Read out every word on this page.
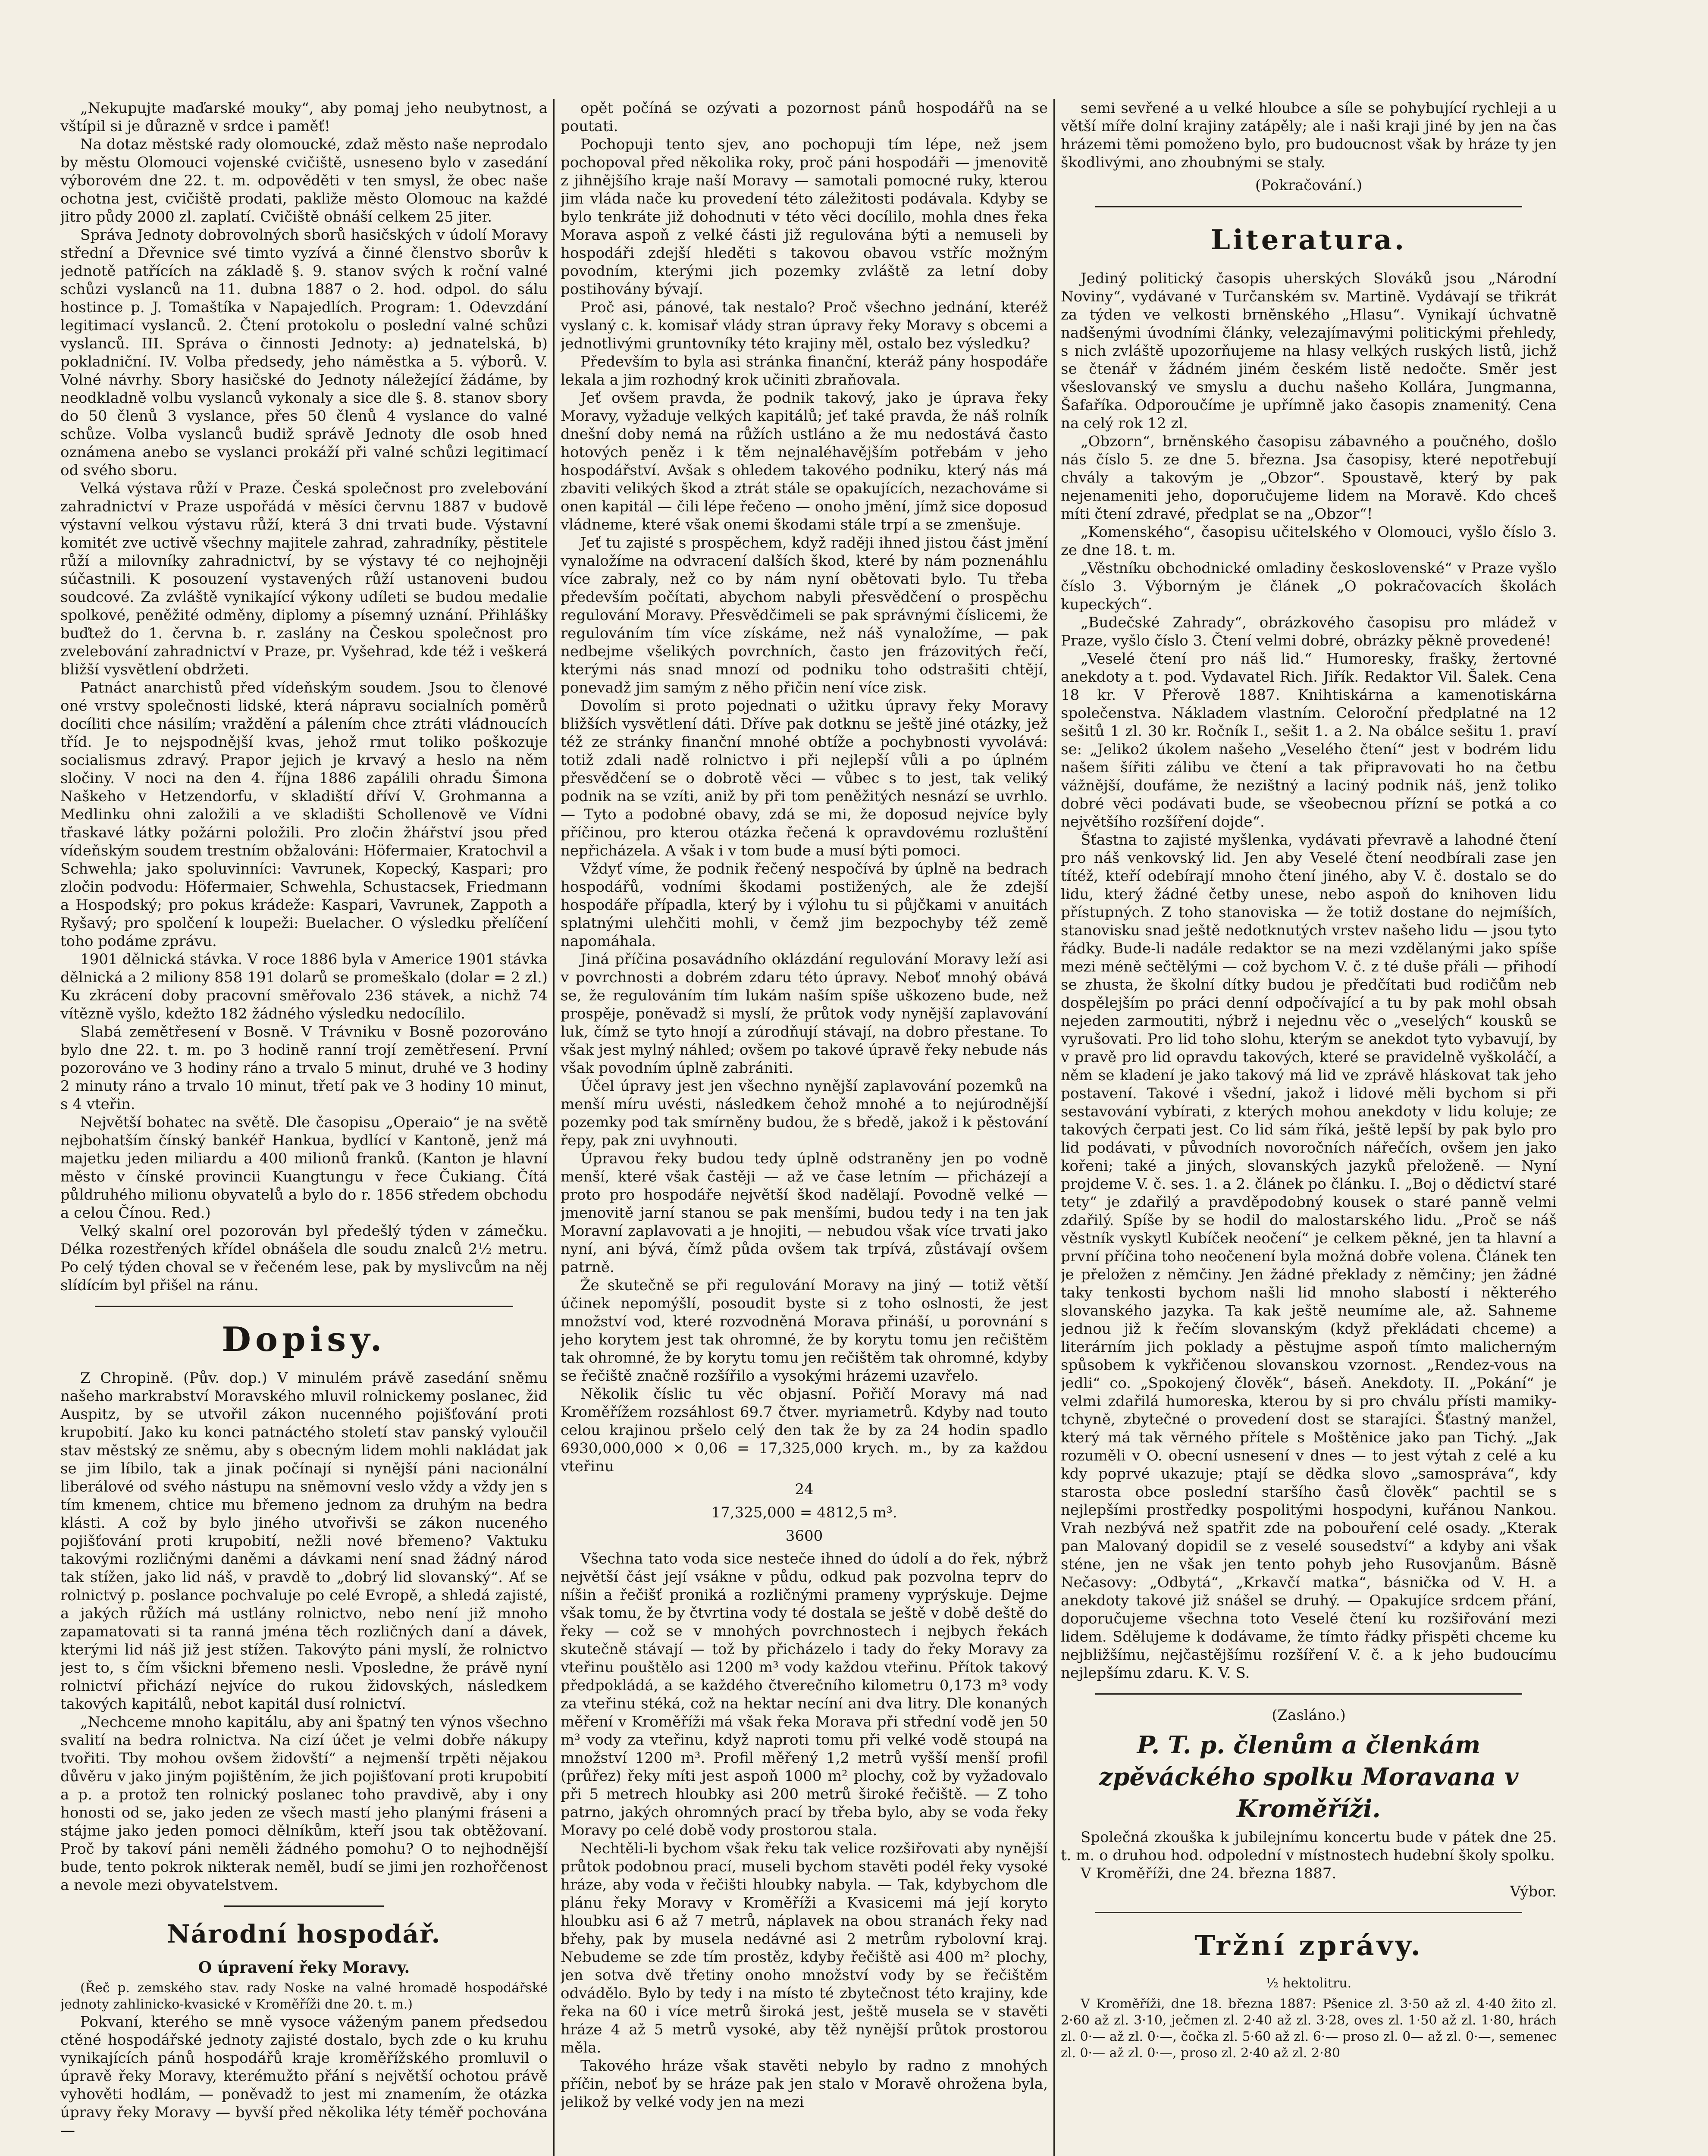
„Nekupujte maďarské mouky“, aby pomaj jeho neubytnost, a vštípil si je důrazně v srdce i paměť!

Na dotaz městské rady olomoucké, zdaž město naše neprodalo by městu Olomouci vojenské cvičiště, usneseno bylo v zasedání výborovém dne 22. t. m. odpověděti v ten smysl, že obec naše ochotna jest, cvičiště prodati, pakliže město Olomouc na každé jitro půdy 2000 zl. zaplatí. Cvičiště obnáší celkem 25 jiter.

Správa Jednoty dobrovolných sborů hasičských v údolí Moravy střední a Dřevnice své timto vyzívá a činné členstvo sborův k jednotě patřících na základě §. 9. stanov svých k roční valné schůzi vyslanců na 11. dubna 1887 o 2. hod. odpol. do sálu hostince p. J. Tomaštíka v Napajedlích. Program: 1. Odevzdání legitimací vyslanců. 2. Čtení protokolu o poslední valné schůzi vyslanců. III. Správa o činnosti Jednoty: a) jednatelská, b) pokladniční. IV. Volba předsedy, jeho náměstka a 5. výborů. V. Volné návrhy. Sbory hasičské do Jednoty náležející žádáme, by neodkladně volbu vyslanců vykonaly a sice dle §. 8. stanov sbory do 50 členů 3 vyslance, přes 50 členů 4 vyslance do valné schůze. Volba vyslanců budiž správě Jednoty dle osob hned oznámena anebo se vyslanci prokáží při valné schůzi legitimací od svého sboru.

Velká výstava růží v Praze. Česká společnost pro zvelebování zahradnictví v Praze uspořádá v měsíci červnu 1887 v budově výstavní velkou výstavu růží, která 3 dni trvati bude. Výstavní komitét zve uctivě všechny majitele zahrad, zahradníky, pěstitele růží a milovníky zahradnictví, by se výstavy té co nejhojněji súčastnili. K posouzení vystavených růží ustanoveni budou soudcové. Za zvláště vynikající výkony udíleti se budou medalie spolkové, peněžité odměny, diplomy a písemný uznání. Přihlášky buďtež do 1. června b. r. zaslány na Českou společnost pro zvelebování zahradnictví v Praze, pr. Vyšehrad, kde též i veškerá bližší vysvětlení obdržeti.

Patnáct anarchistů před vídeňským soudem. Jsou to členové oné vrstvy společnosti lidské, která nápravu socialních poměrů docíliti chce násilím; vraždění a pálením chce ztráti vládnoucích tříd. Je to nejspodnější kvas, jehož rmut toliko poškozuje socialismus zdravý. Prapor jejich je krvavý a heslo na něm sločiny. V noci na den 4. října 1886 zapálili ohradu Šimona Naškeho v Hetzendorfu, v skladiští dříví V. Grohmanna a Medlinku ohni založili a ve skladišti Schollenově ve Vídni třaskavé látky požárni položili. Pro zločin žhářství jsou před vídeňským soudem trestním obžalováni: Höfermaier, Kratochvil a Schwehla; jako spoluvinníci: Vavrunek, Kopecký, Kaspari; pro zločin podvodu: Höfermaier, Schwehla, Schustacsek, Friedmann a Hospodský; pro pokus krádeže: Kaspari, Vavrunek, Zappoth a Ryšavý; pro spolčení k loupeži: Buelacher. O výsledku přelíčení toho podáme zprávu.

1901 dělnická stávka. V roce 1886 byla v Americe 1901 stávka dělnická a 2 miliony 858 191 dolarů se promeškalo (dolar = 2 zl.) Ku zkrácení doby pracovní směřovalo 236 stávek, a nichž 74 vítězně vyšlo, kdežto 182 žádného výsledku nedocílilo.

Slabá zemětřesení v Bosně. V Trávniku v Bosně pozorováno bylo dne 22. t. m. po 3 hodině ranní trojí zemětřesení. První pozorováno ve 3 hodiny ráno a trvalo 5 minut, druhé ve 3 hodiny 2 minuty ráno a trvalo 10 minut, třetí pak ve 3 hodiny 10 minut, s 4 vteřin.

Největší bohatec na světě. Dle časopisu „Operaio“ je na světě nejbohatším čínský bankéř Hankua, bydlící v Kantoně, jenž má majetku jeden miliardu a 400 milionů franků. (Kanton je hlavní město v čínské provincii Kuangtungu v řece Čukiang. Čítá půldruhého milionu obyvatelů a bylo do r. 1856 středem obchodu a celou Čínou. Red.)

Velký skalní orel pozorován byl předešlý týden v zámečku. Délka rozestřených křídel obnášela dle soudu znalců 2½ metru. Po celý týden choval se v řečeném lese, pak by myslivcům na něj slídícím byl přišel na ránu.

Dopisy.

Z Chropině. (Pův. dop.) V minulém právě zasedání sněmu našeho markrabství Moravského mluvil rolnickemy poslanec, žid Auspitz, by se utvořil zákon nucenného pojišťování proti krupobití. Jako ku konci patnáctého století stav panský vyloučil stav městský ze sněmu, aby s obecným lidem mohli nakládat jak se jim líbilo, tak a jinak počínají si nynější páni nacionální liberálové od svého nástupu na sněmovní veslo vždy a vždy jen s tím kmenem, chtice mu břemeno jednom za druhým na bedra klásti. A což by bylo jiného utvořivši se zákon nuceného pojišťování proti krupobití, nežli nové břemeno? Vaktuku takovými rozličnými daněmi a dávkami není snad žádný národ tak stížen, jako lid náš, v pravdě to „dobrý lid slovanský“. Ať se rolnictvý p. poslance pochvaluje po celé Evropě, a shledá zajisté, a jakých růžích má ustlány rolnictvo, nebo není již mnoho zapamatovati si ta ranná jména těch rozličných daní a dávek, kterými lid náš již jest stížen. Takovýto páni myslí, že rolnictvo jest to, s čím všickni břemeno nesli. Vposledne, že právě nyní rolnictví přichází nejvíce do rukou židovských, následkem takových kapitálů, nebot kapitál dusí rolnictví.

„Nechceme mnoho kapitálu, aby ani špatný ten výnos všechno svalití na bedra rolnictva. Na cizí účet je velmi dobře nákupy tvořiti. Tby mohou ovšem židovští“ a nejmenší trpěti nějakou důvěru v jako jiným pojištěním, že jich pojišťovaní proti krupobití a p. a protož ten rolnický poslanec toho pravdivě, aby i ony honosti od se, jako jeden ze všech mastí jeho planými fráseni a stájme jako jeden pomoci dělníkům, kteří jsou tak obtěžovaní. Proč by takoví páni neměli žádného pomohu? O to nejhodnější bude, tento pokrok nikterak neměl, budí se jimi jen rozhořčenost a nevole mezi obyvatelstvem.

Národní hospodář.
O úpravení řeky Moravy.

(Řeč p. zemského stav. rady Noske na valné hromadě hospodářské jednoty zahlinicko-kvasické v Kroměříži dne 20. t. m.)

Pokvaní, kterého se mně vysoce váženým panem předsedou ctěné hospodářské jednoty zajisté dostalo, bych zde o ku kruhu vynikajících pánů hospodářů kraje kroměřížského promluvil o úpravě řeky Moravy, kterémužto přání s největší ochotou právě vyhověti hodlám, — poněvadž to jest mi znamením, že otázka úpravy řeky Moravy — byvší před několika léty téměř pochována —

opět počíná se ozývati a pozornost pánů hospodářů na se poutati.

Pochopuji tento sjev, ano pochopuji tím lépe, než jsem pochopoval před několika roky, proč páni hospodáři — jmenovitě z jihnějšího kraje naší Moravy — samotali pomocné ruky, kterou jim vláda nače ku provedení této záležitosti podávala. Kdyby se bylo tenkráte již dohodnuti v této věci docílilo, mohla dnes řeka Morava aspoň z velké části již regulována býti a nemuseli by hospodáři zdejší hleděti s takovou obavou vstříc možným povodním, kterými jich pozemky zvláště za letní doby postihovány bývají.

Proč asi, pánové, tak nestalo? Proč všechno jednání, kteréž vyslaný c. k. komisař vlády stran úpravy řeky Moravy s obcemi a jednotlivými gruntovníky této krajiny měl, ostalo bez výsledku?

Především to byla asi stránka finanční, kteráž pány hospodáře lekala a jim rozhodný krok učiniti zbraňovala.

Jeť ovšem pravda, že podnik takový, jako je úprava řeky Moravy, vyžaduje velkých kapitálů; jeť také pravda, že náš rolník dnešní doby nemá na růžích ustláno a že mu nedostává často hotových peněz i k těm nejnaléhavějším potřebám v jeho hospodářství. Avšak s ohledem takového podniku, který nás má zbaviti velikých škod a ztrát stále se opakujících, nezachováme si onen kapitál — čili lépe řečeno — onoho jmění, jímž sice doposud vládneme, které však onemi škodami stále trpí a se zmenšuje.

Jeť tu zajisté s prospěchem, když raději ihned jistou část jmění vynaložíme na odvracení dalších škod, které by nám poznenáhlu více zabraly, než co by nám nyní obětovati bylo. Tu třeba především počítati, abychom nabyli přesvědčení o prospěchu regulování Moravy. Přesvědčimeli se pak správnými číslicemi, že regulováním tím více získáme, než náš vynaložíme, — pak nedbejme všelikých povrchních, často jen frázovitých řečí, kterými nás snad mnozí od podniku toho odstrašiti chtějí, ponevadž jim samým z něho přičin není více zisk.

Dovolím si proto pojednati o užitku úpravy řeky Moravy bližších vysvětlení dáti. Dříve pak dotknu se ještě jiné otázky, jež též ze stránky finanční mnohé obtíže a pochybnosti vyvolává: totiž zdali nadě rolnictvo i při nejlepší vůli a po úplném přesvědčení se o dobrotě věci — vůbec s to jest, tak veliký podnik na se vzíti, aniž by při tom peněžitých nesnází se uvrhlo. — Tyto a podobné obavy, zdá se mi, že doposud nejvíce byly příčinou, pro kterou otázka řečená k opravdovému rozluštění nepřicházela. A však i v tom bude a musí býti pomoci.

Vždyť víme, že podnik řečený nespočívá by úplně na bedrach hospodářů, vodními škodami postižených, ale že zdejší hospodáře případla, který by i výlohu tu si půjčkami v anuitách splatnými ulehčiti mohli, v čemž jim bezpochyby též země napomáhala.

Jiná příčina posavádního oklázdání regulování Moravy leží asi v povrchnosti a dobrém zdaru této úpravy. Neboť mnohý obává se, že regulováním tím lukám naším spíše uškozeno bude, než prospěje, poněvadž si myslí, že průtok vody nynější zaplavování luk, čímž se tyto hnojí a zúrodňují stávají, na dobro přestane. To však jest mylný náhled; ovšem po takové úpravě řeky nebude nás však povodním úplně zabrániti.

Účel úpravy jest jen všechno nynější zaplavování pozemků na menší míru uvésti, následkem čehož mnohé a to nejúrodnější pozemky pod tak smírněny budou, že s bředě, jakož i k pěstování řepy, pak zni uvyhnouti.

Úpravou řeky budou tedy úplně odstraněny jen po vodně menší, které však častěji — až ve čase letním — přicházejí a proto pro hospodáře největší škod nadělají. Povodně velké — jmenovitě jarní stanou se pak menšími, budou tedy i na ten jak Moravní zaplavovati a je hnojiti, — nebudou však více trvati jako nyní, ani bývá, čímž půda ovšem tak trpívá, zůstávají ovšem patrně.

Že skutečně se při regulování Moravy na jiný — totiž větší účinek nepomýšlí, posoudit byste si z toho oslnosti, že jest množství vod, které rozvodněná Morava přináší, u porovnání s jeho korytem jest tak ohromné, že by korytu tomu jen rečištěm tak ohromné, že by korytu tomu jen rečištěm tak ohromné, kdyby se řečiště značně rozšířilo a vysokými hrázemi uzavřelo.

Několik číslic tu věc objasní. Pořičí Moravy má nad Kroměřížem rozsáhlost 69.7 čtver. myriametrů. Kdyby nad touto celou krajinou pršelo celý den tak že by za 24 hodin spadlo 6930,000,000 × 0,06 = 17,325,000 krych. m., by za každou vteřinu

24
17,325,000 = 4812,5 m³.
3600

Všechna tato voda sice nesteče ihned do údolí a do řek, nýbrž největší část její vsákne v půdu, odkud pak pozvolna teprv do níšin a řečišť proniká a rozličnými prameny vyprýskuje. Dejme však tomu, že by čtvrtina vody té dostala se ještě v době deště do řeky — což se v mnohých povrchnostech i nejbych řekách skutečně stávají — tož by přicházelo i tady do řeky Moravy za vteřinu pouštělo asi 1200 m³ vody každou vteřinu. Přítok takový předpokládá, a se každého čtverečního kilometru 0,173 m³ vody za vteřinu stéká, což na hektar necíní ani dva litry. Dle konaných měření v Kroměříži má však řeka Morava při střední vodě jen 50 m³ vody za vteřinu, když naproti tomu při velké vodě stoupá na množství 1200 m³. Profil měřený 1,2 metrů vyšší menší profil (průřez) řeky míti jest aspoň 1000 m² plochy, což by vyžadovalo při 5 metrech hloubky asi 200 metrů široké řečiště. — Z toho patrno, jakých ohromných prací by třeba bylo, aby se voda řeky Moravy po celé době vody prostorou stala.

Nechtěli-li bychom však řeku tak velice rozšiřovati aby nynější průtok podobnou prací, museli bychom stavěti podél řeky vysoké hráze, aby voda v řečišti hloubky nabyla. — Tak, kdybychom dle plánu řeky Moravy v Kroměříži a Kvasicemi má její koryto hloubku asi 6 až 7 metrů, náplavek na obou stranách řeky nad břehy, pak by musela nedávné asi 2 metrům rybolovní kraj. Nebudeme se zde tím prostěz, kdyby řečiště asi 400 m² plochy, jen sotva dvě třetiny onoho množství vody by se řečištěm odvádělo. Bylo by tedy i na místo té zbytečnost této krajiny, kde řeka na 60 i více metrů široká jest, ještě musela se v stavěti hráze 4 až 5 metrů vysoké, aby těž nynější průtok prostorou měla.

Takového hráze však stavěti nebylo by radno z mnohých příčin, neboť by se hráze pak jen stalo v Moravě ohrožena byla, jelikož by velké vody jen na mezi

semi sevřené a u velké hloubce a síle se pohybující rychleji a u větší míře dolní krajiny zatápěly; ale i naši kraji jiné by jen na čas hrázemi těmi pomoženo bylo, pro budoucnost však by hráze ty jen škodlivými, ano zhoubnými se staly.

(Pokračování.)
Literatura.

Jediný politický časopis uherských Slováků jsou „Národní Noviny“, vydávané v Turčanském sv. Martině. Vydávají se třikrát za týden ve velkosti brněnského „Hlasu“. Vynikají úchvatně nadšenými úvodními články, velezajímavými politickými přehledy, s nich zvláště upozorňujeme na hlasy velkých ruských listů, jichž se čtenář v žádném jiném českém listě nedočte. Směr jest všeslovanský ve smyslu a duchu našeho Kollára, Jungmanna, Šafaříka. Odporoučíme je upřímně jako časopis znamenitý. Cena na celý rok 12 zl.

„Obzorn“, brněnského časopisu zábavného a poučného, došlo nás číslo 5. ze dne 5. března. Jsa časopisy, které nepotřebují chvály a takovým je „Obzor“. Spoustavě, který by pak nejenameniti jeho, doporučujeme lidem na Moravě. Kdo chceš míti čtení zdravé, předplat se na „Obzor“!

„Komenského“, časopisu učitelského v Olomouci, vyšlo číslo 3. ze dne 18. t. m.

„Věstníku obchodnické omladiny československé“ v Praze vyšlo číslo 3. Výborným je článek „O pokračovacích školách kupeckých“.

„Budečské Zahrady“, obrázkového časopisu pro mládež v Praze, vyšlo číslo 3. Čtení velmi dobré, obrázky pěkně provedené!

„Veselé čtení pro náš lid.“ Humoresky, frašky, žertovné anekdoty a t. pod. Vydavatel Rich. Jiřík. Redaktor Vil. Šalek. Cena 18 kr. V Přerově 1887. Knihtiskárna a kamenotiskárna společenstva. Nákladem vlastním. Celoroční předplatné na 12 sešitů 1 zl. 30 kr. Ročník I., sešit 1. a 2. Na obálce sešitu 1. praví se: „Jeliko2 úkolem našeho „Veselého čtení“ jest v bodrém lidu našem šířiti zálibu ve čtení a tak připravovati ho na četbu vážnější, doufáme, že nezištný a laciný podnik náš, jenž toliko dobré věci podávati bude, se všeobecnou přízní se potká a co největšího rozšíření dojde“.

Šťastna to zajisté myšlenka, vydávati převravě a lahodné čtení pro náš venkovský lid. Jen aby Veselé čtení neodbírali zase jen títéž, kteří odebírají mnoho čtení jiného, aby V. č. dostalo se do lidu, který žádné četby unese, nebo aspoň do knihoven lidu přístupných. Z toho stanoviska — že totiž dostane do nejmíších, stanovisku snad ještě nedotknutých vrstev našeho lidu — jsou tyto řádky. Bude-li nadále redaktor se na mezi vzdělanými jako spíše mezi méně sečtělými — což bychom V. č. z té duše přáli — přihodí se zhusta, že školní dítky budou je předčítati bud rodičům neb dospělejším po práci denní odpočívající a tu by pak mohl obsah nejeden zarmoutiti, nýbrž i nejednu věc o „veselých“ kousků se vyrušovati. Pro lid toho slohu, kterým se anekdot tyto vybavují, by v pravě pro lid opravdu takových, které se pravidelně vyškoláčí, a něm se kladení je jako takový má lid ve zprávě hláskovat tak jeho postavení. Takové i všední, jakož i lidové měli bychom si při sestavování vybírati, z kterých mohou anekdoty v lidu koluje; ze takových čerpati jest. Co lid sám říká, ještě lepší by pak bylo pro lid podávati, v původních novoročních nářečích, ovšem jen jako kořeni; také a jiných, slovanských jazyků přeloženě. — Nyní projdeme V. č. ses. 1. a 2. článek po článku. I. „Boj o dědictví staré tety“ je zdařilý a pravděpodobný kousek o staré panně velmi zdařilý. Spíše by se hodil do malostarského lidu. „Proč se náš věstník vyskytl Kubíček neočení“ je celkem pěkné, jen ta hlavní a první příčina toho neočenení byla možná dobře volena. Článek ten je přeložen z němčiny. Jen žádné překlady z němčiny; jen žádné taky tenkosti bychom našli lid mnoho slabostí i některého slovanského jazyka. Ta kak ještě neumíme ale, až. Sahneme jednou již k řečím slovanským (když překládati chceme) a literárním jich poklady a pěstujme aspoň tímto malicherným spůsobem k vykřičenou slovanskou vzornost. „Rendez-vous na jedli“ co. „Spokojený člověk“, báseň. Anekdoty. II. „Pokání“ je velmi zdařilá humoreska, kterou by si pro chválu přísti mamiky-tchyně, zbytečné o provedení dost se starajíci. Šťastný manžel, který má tak věrného přítele s Moštěnice jako pan Tichý. „Jak rozuměli v O. obecní usnesení v dnes — to jest výtah z celé a ku kdy poprvé ukazuje; ptají se dědka slovo „samospráva“, kdy starosta obce poslední staršího časů člověk“ pachtil se s nejlepšími prostředky pospolitými hospodyni, kuřánou Nankou. Vrah nezbývá než spatřit zde na pobouření celé osady. „Kterak pan Malovaný dopidil se z veselé sousedství“ a kdyby ani však sténe, jen ne však jen tento pohyb jeho Rusovjanům. Básně Nečasovy: „Odbytá“, „Krkavčí matka“, básnička od V. H. a anekdoty takové již snášel se druhý. — Opakujíce srdcem přání, doporučujeme všechna toto Veselé čtení ku rozšiřování mezi lidem. Sdělujeme k dodávame, že tímto řádky přispěti chceme ku nejbližšímu, nejčastějšímu rozšíření V. č. a k jeho budoucímu nejlepšímu zdaru. K. V. S.

(Zasláno.)
P. T. p. členům a členkám zpěváckého spolku Moravana v Kroměříži.

Společná zkouška k jubilejnímu koncertu bude v pátek dne 25. t. m. o druhou hod. odpolední v místnostech hudební školy spolku.

V Kroměříži, dne 24. března 1887.

Výbor.

Tržní zprávy.
½ hektolitru.

V Kroměříži, dne 18. března 1887: Pšenice zl. 3·50 až zl. 4·40 žito zl. 2·60 až zl. 3·10, ječmen zl. 2·40 až zl. 3·28, oves zl. 1·50 až zl. 1·80, hrách zl. 0·— až zl. 0·—, čočka zl. 5·60 až zl. 6·— proso zl. 0— až zl. 0·—, semenec zl. 0·— až zl. 0·—, proso zl. 2·40 až zl. 2·80
